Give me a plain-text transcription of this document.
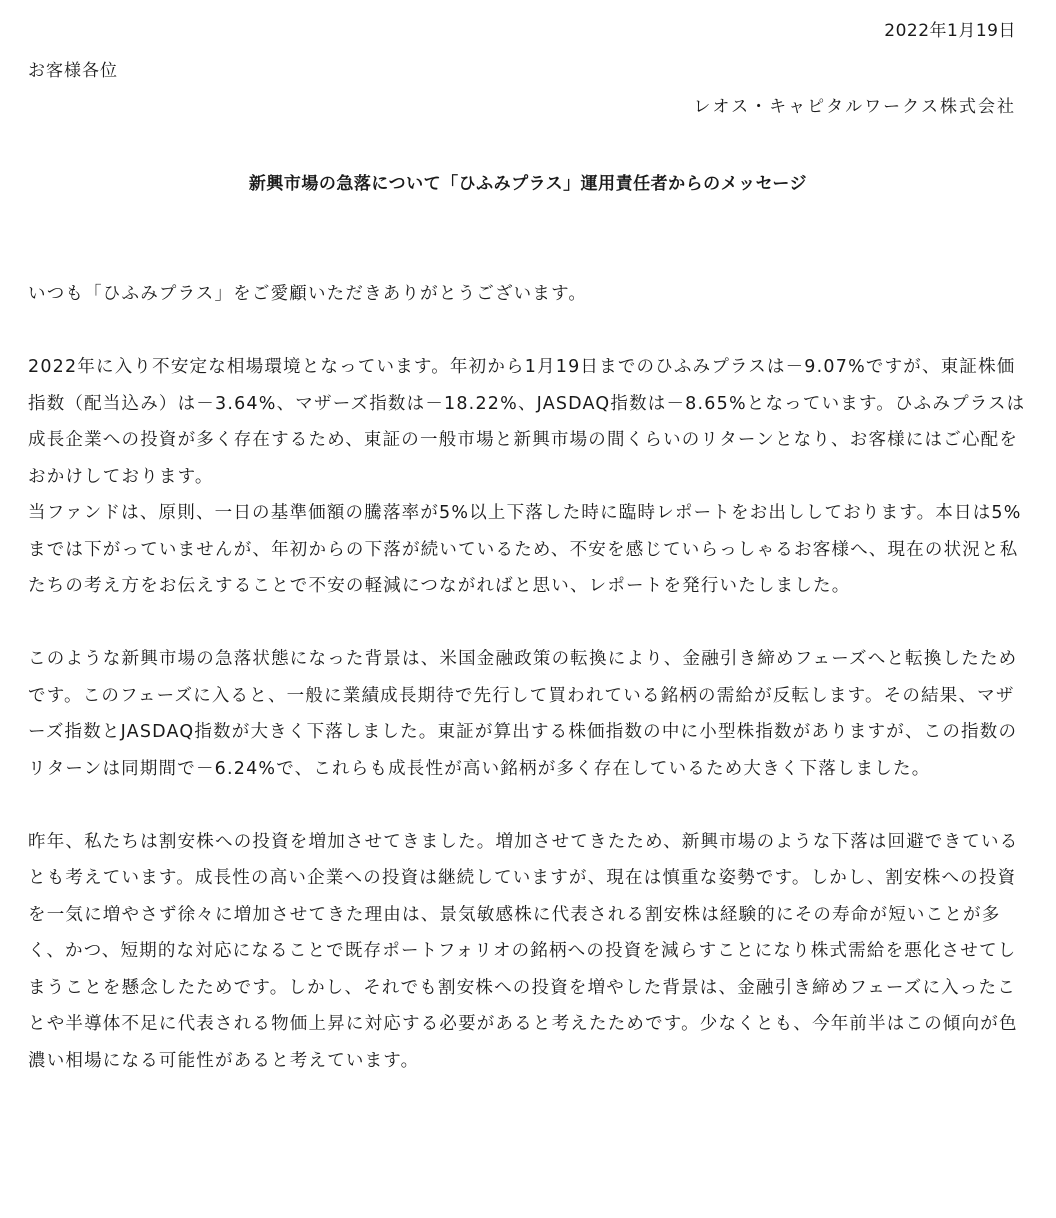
2022年1月19日
お客様各位
レオス・キャピタルワークス株式会社
新興市場の急落について「ひふみプラス」運用責任者からのメッセージ

いつも「ひふみプラス」をご愛顧いただきありがとうございます。

2022年に入り不安定な相場環境となっています。年初から1月19日までのひふみプラスは－9.07%ですが、東証株価指数（配当込み）は－3.64%、マザーズ指数は－18.22%、JASDAQ指数は－8.65%となっています。ひふみプラスは成長企業への投資が多く存在するため、東証の一般市場と新興市場の間くらいのリターンとなり、お客様にはご心配をおかけしております。

当ファンドは、原則、一日の基準価額の騰落率が5%以上下落した時に臨時レポートをお出ししております。本日は5%までは下がっていませんが、年初からの下落が続いているため、不安を感じていらっしゃるお客様へ、現在の状況と私たちの考え方をお伝えすることで不安の軽減につながればと思い、レポートを発行いたしました。

このような新興市場の急落状態になった背景は、米国金融政策の転換により、金融引き締めフェーズへと転換したためです。このフェーズに入ると、一般に業績成長期待で先行して買われている銘柄の需給が反転します。その結果、マザーズ指数とJASDAQ指数が大きく下落しました。東証が算出する株価指数の中に小型株指数がありますが、この指数のリターンは同期間で－6.24%で、これらも成長性が高い銘柄が多く存在しているため大きく下落しました。

昨年、私たちは割安株への投資を増加させてきました。増加させてきたため、新興市場のような下落は回避できているとも考えています。成長性の高い企業への投資は継続していますが、現在は慎重な姿勢です。しかし、割安株への投資を一気に増やさず徐々に増加させてきた理由は、景気敏感株に代表される割安株は経験的にその寿命が短いことが多く、かつ、短期的な対応になることで既存ポートフォリオの銘柄への投資を減らすことになり株式需給を悪化させてしまうことを懸念したためです。しかし、それでも割安株への投資を増やした背景は、金融引き締めフェーズに入ったことや半導体不足に代表される物価上昇に対応する必要があると考えたためです。少なくとも、今年前半はこの傾向が色濃い相場になる可能性があると考えています。
